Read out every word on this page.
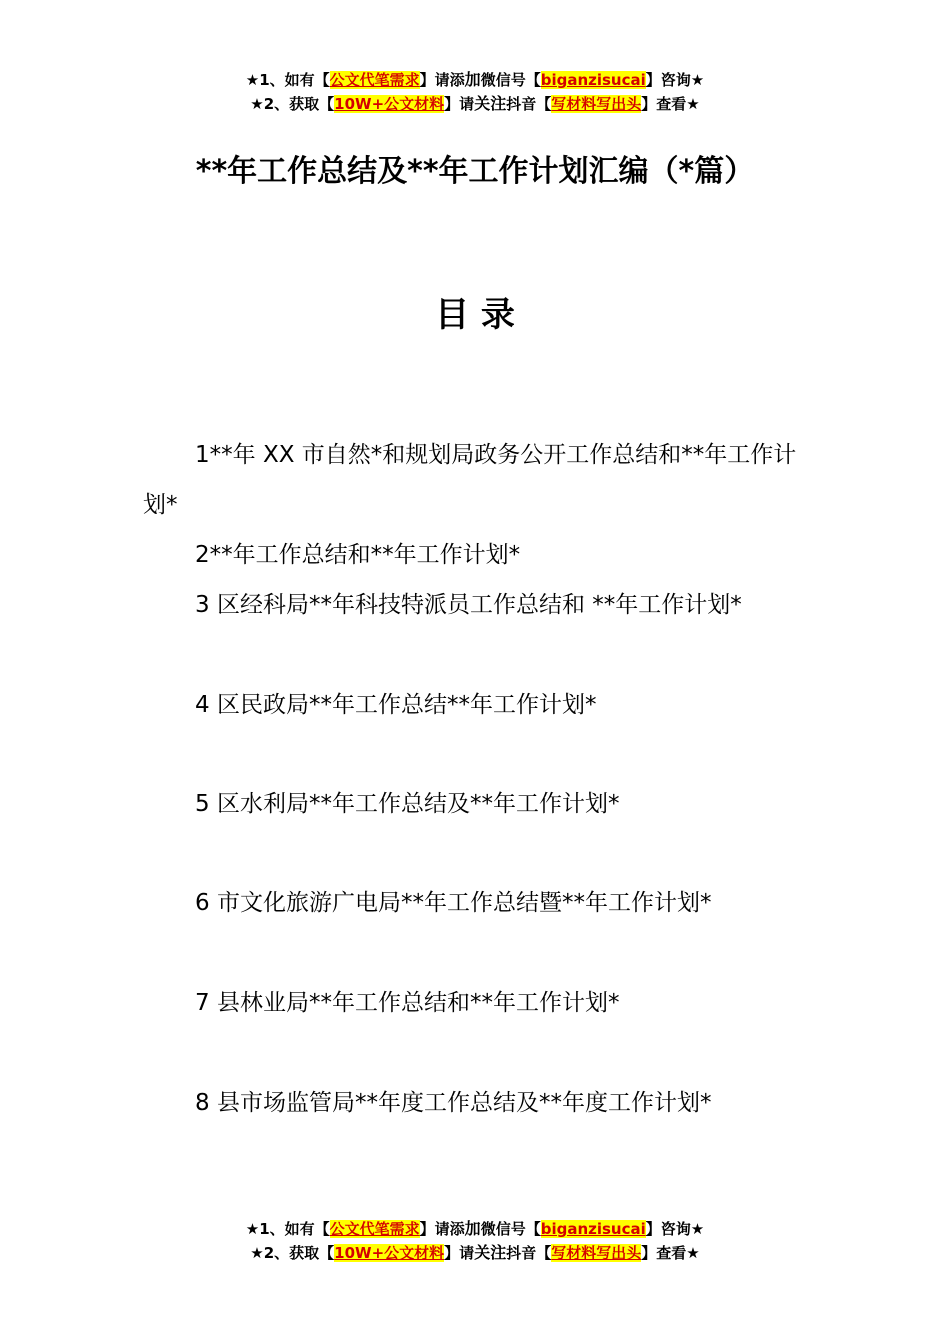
★1、如有【公文代笔需求】请添加微信号【biganzisucai】咨询★
★2、获取【10W+公文材料】请关注抖音【写材料写出头】查看★
**年工作总结及**年工作计划汇编（*篇）
目 录
1**年 XX 市自然*和规划局政务公开工作总结和**年工作计划*
2**年工作总结和**年工作计划*
3 区经科局**年科技特派员工作总结和 **年工作计划*
4 区民政局**年工作总结**年工作计划*
5 区水利局**年工作总结及**年工作计划*
6 市文化旅游广电局**年工作总结暨**年工作计划*
7 县林业局**年工作总结和**年工作计划*
8 县市场监管局**年度工作总结及**年度工作计划*
★1、如有【公文代笔需求】请添加微信号【biganzisucai】咨询★
★2、获取【10W+公文材料】请关注抖音【写材料写出头】查看★
